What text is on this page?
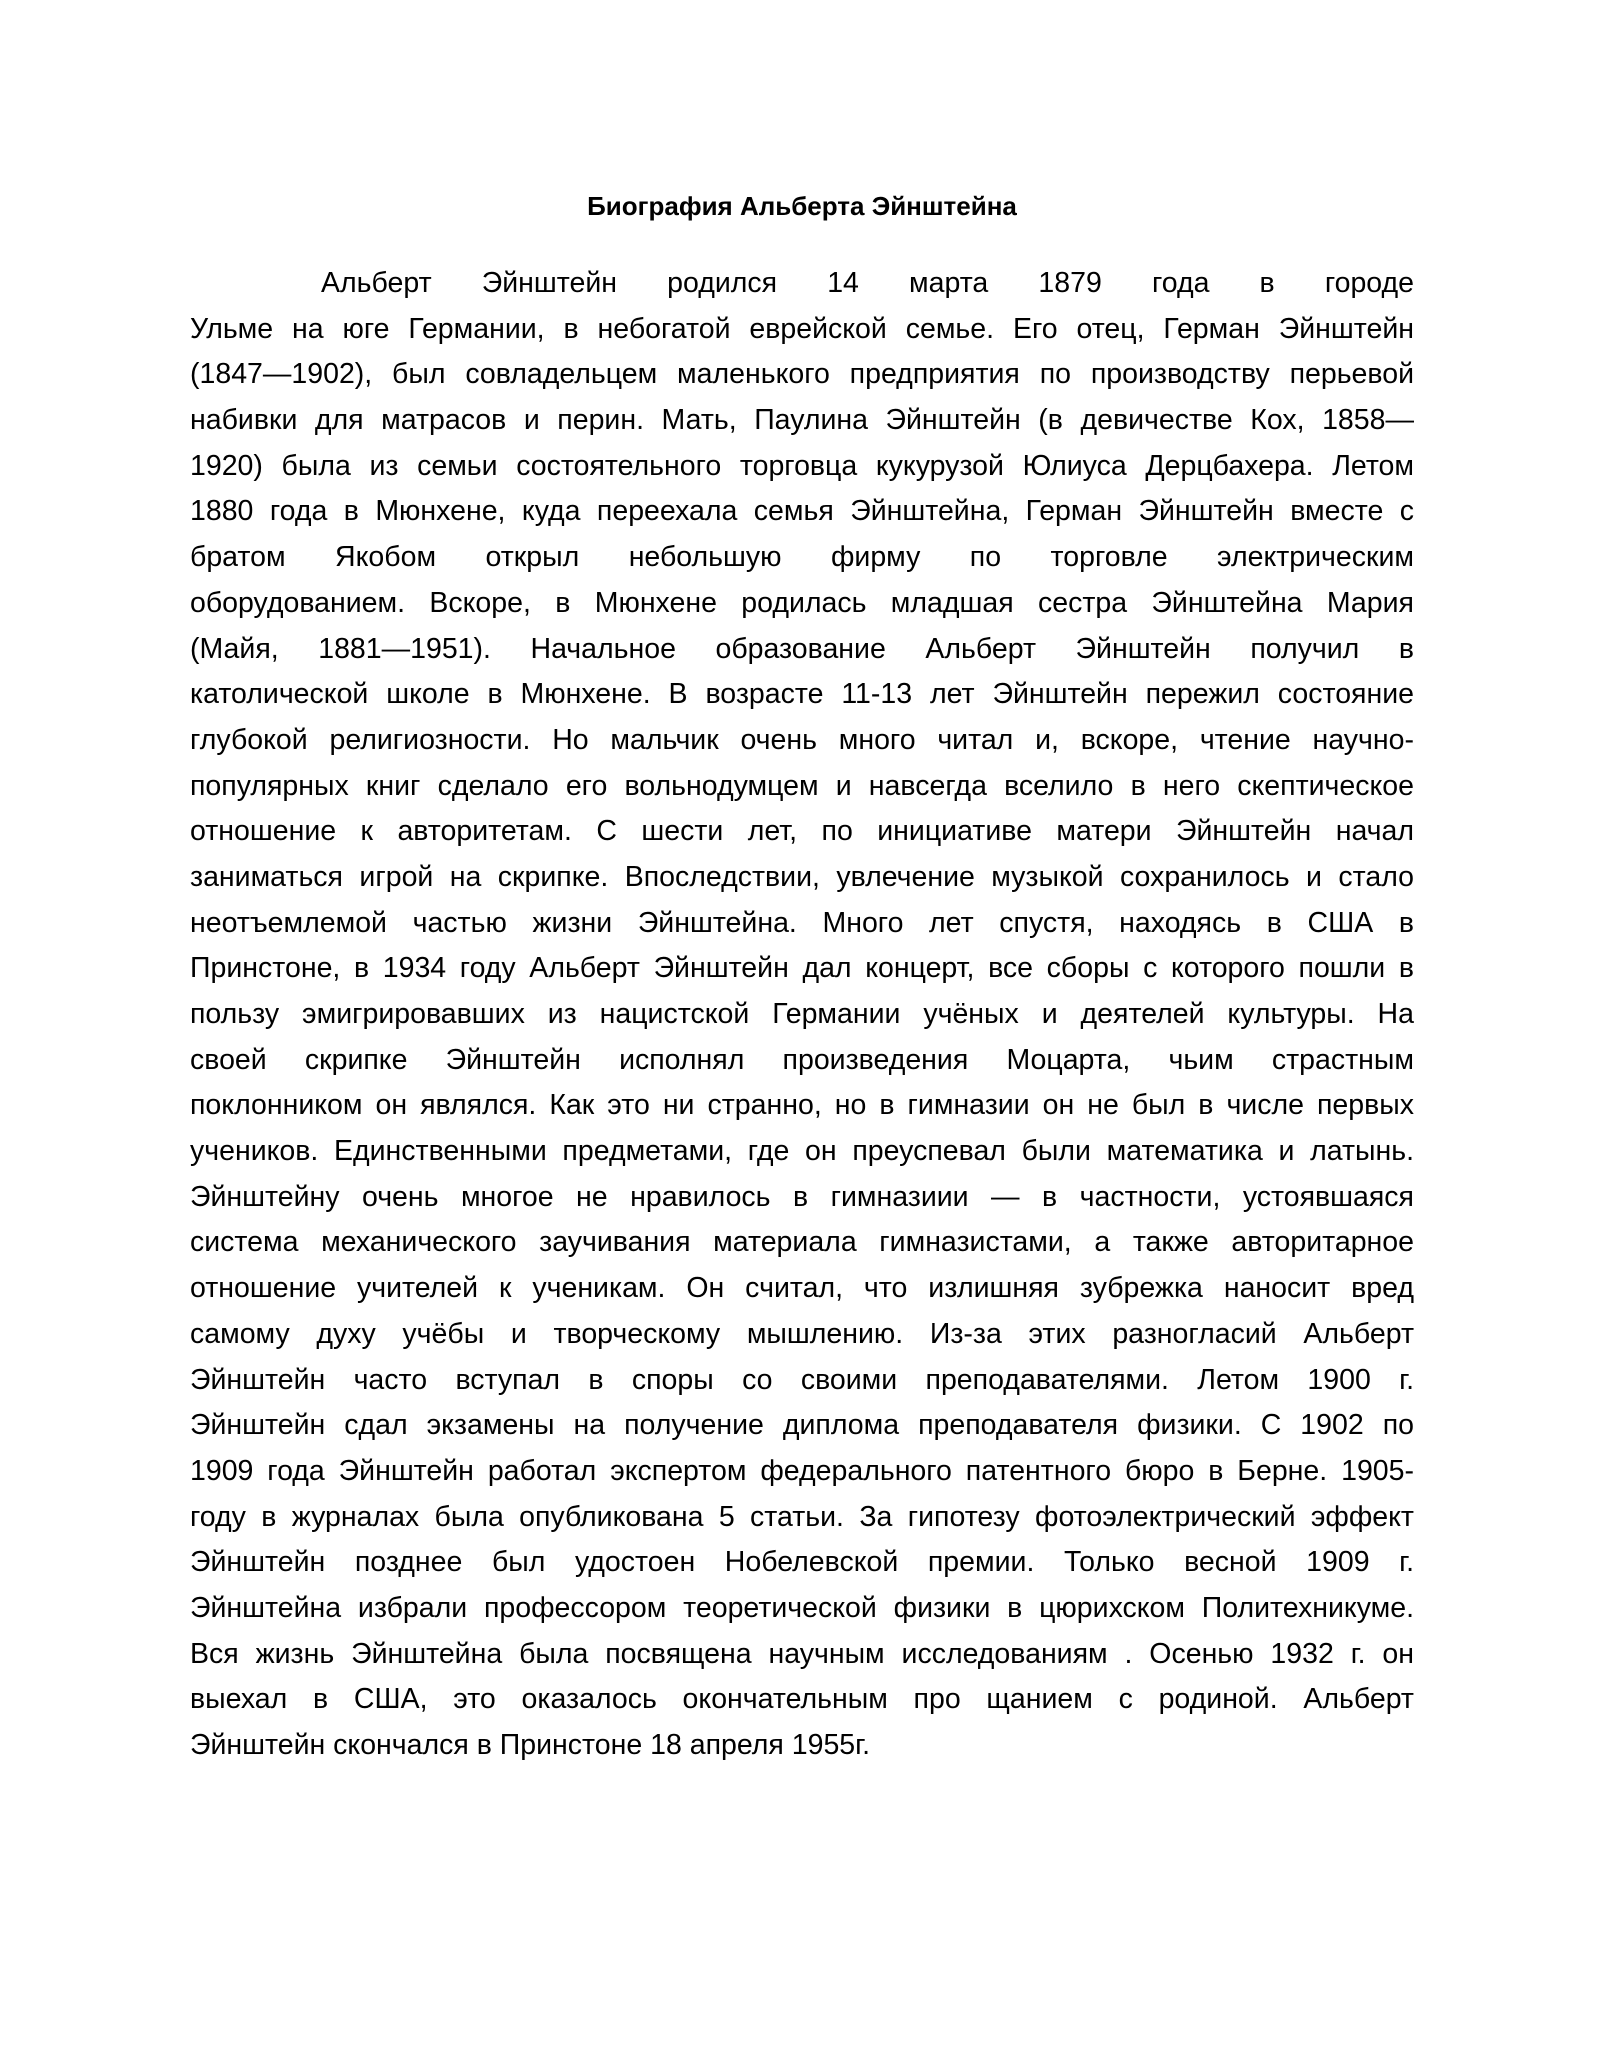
Биография Альберта Эйнштейна
Альберт Эйнштейн родился 14 марта 1879 года в городе
Ульме на юге Германии, в небогатой еврейской семье. Его отец, Герман Эйнштейн
(1847—1902), был совладельцем маленького предприятия по производству перьевой
набивки для матрасов и перин. Мать, Паулина Эйнштейн (в девичестве Кох, 1858—
1920) была из семьи состоятельного торговца кукурузой Юлиуса Дерцбахера. Летом
1880 года в Мюнхене, куда переехала семья Эйнштейна, Герман Эйнштейн вместе с
братом Якобом открыл небольшую фирму по торговле электрическим
оборудованием. Вскоре, в Мюнхене родилась младшая сестра Эйнштейна Мария
(Майя, 1881—1951). Начальное образование Альберт Эйнштейн получил в
католической школе в Мюнхене. В возрасте 11-13 лет Эйнштейн пережил состояние
глубокой религиозности. Но мальчик очень много читал и, вскоре, чтение научно-
популярных книг сделало его вольнодумцем и навсегда вселило в него скептическое
отношение к авторитетам. С шести лет, по инициативе матери Эйнштейн начал
заниматься игрой на скрипке. Впоследствии, увлечение музыкой сохранилось и стало
неотъемлемой частью жизни Эйнштейна. Много лет спустя, находясь в США в
Принстоне, в 1934 году Альберт Эйнштейн дал концерт, все сборы с которого пошли в
пользу эмигрировавших из нацистской Германии учёных и деятелей культуры. На
своей скрипке Эйнштейн исполнял произведения Моцарта, чьим страстным
поклонником он являлся. Как это ни странно, но в гимназии он не был в числе первых
учеников. Единственными предметами, где он преуспевал были математика и латынь.
Эйнштейну очень многое не нравилось в гимназиии — в частности, устоявшаяся
система механического заучивания материала гимназистами, а также авторитарное
отношение учителей к ученикам. Он считал, что излишняя зубрежка наносит вред
самому духу учёбы и творческому мышлению. Из-за этих разногласий Альберт
Эйнштейн часто вступал в споры со своими преподавателями. Летом 1900 г.
Эйнштейн сдал экзамены на получение диплома преподавателя физики. С 1902 по
1909 года Эйнштейн работал экспертом федерального патентного бюро в Берне. 1905-
году в журналах была опубликована 5 статьи. За гипотезу фотоэлектрический эффект
Эйнштейн позднее был удостоен Нобелевской премии. Только весной 1909 г.
Эйнштейна избрали профессором теоретической физики в цюрихском Политехникуме.
Вся жизнь Эйнштейна была посвящена научным исследованиям . Осенью 1932 г. он
выехал в США, это оказалось окончательным про щанием с родиной. Альберт
Эйнштейн скончался в Принстоне 18 апреля 1955г.
